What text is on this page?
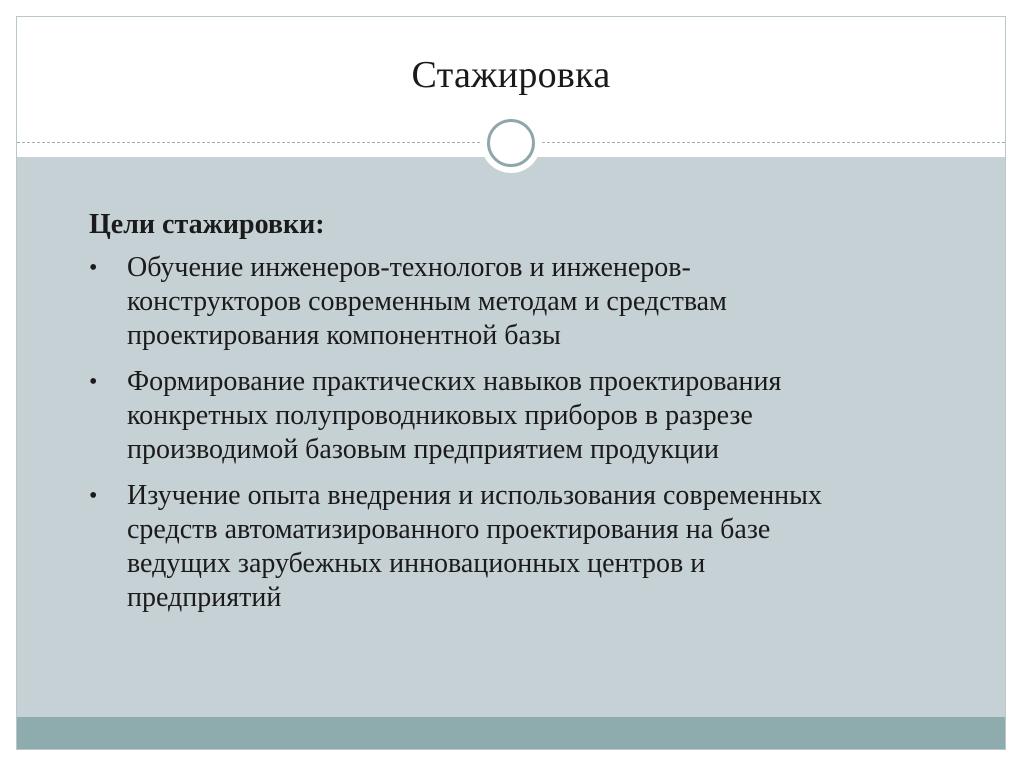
Стажировка
Цели стажировки:
• Обучение инженеров-технологов и инженеров-
конструкторов современным методам и средствам
проектирования компонентной базы
• Формирование практических навыков проектирования
конкретных полупроводниковых приборов в разрезе
производимой базовым предприятием продукции
• Изучение опыта внедрения и использования современных
средств автоматизированного проектирования на базе
ведущих зарубежных инновационных центров и
предприятий
